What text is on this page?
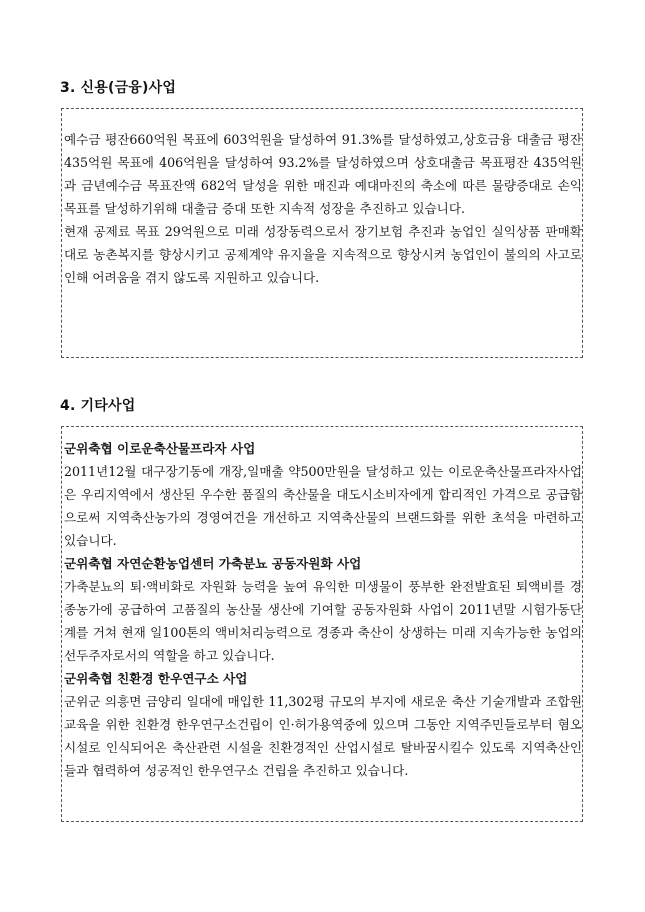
3. 신용(금융)사업

예수금 평잔660억원 목표에 603억원을 달성하여 91.3%를 달성하였고,상호금융 대출금 평잔435억원 목표에 406억원을 달성하여 93.2%를 달성하였으며 상호대출금 목표평잔 435억원과 금년예수금 목표잔액 682억 달성을 위한 매진과 예대마진의 축소에 따른 물량증대로 손익목표를 달성하기위해 대출금 증대 또한 지속적 성장을 추진하고 있습니다.

현재 공제료 목표 29억원으로 미래 성장동력으로서 장기보험 추진과 농업인 실익상품 판매확대로 농촌복지를 향상시키고 공제계약 유지율을 지속적으로 향상시켜 농업인이 불의의 사고로 인해 어려움을 겪지 않도록 지원하고 있습니다.

4. 기타사업

군위축협 이로운축산물프라자 사업

2011년12월 대구장기동에 개장,일매출 약500만원을 달성하고 있는 이로운축산물프라자사업은 우리지역에서 생산된 우수한 품질의 축산물을 대도시소비자에게 합리적인 가격으로 공급함으로써 지역축산농가의 경영여건을 개선하고 지역축산물의 브랜드화를 위한 초석을 마련하고 있습니다.

군위축협 자연순환농업센터 가축분뇨 공동자원화 사업

가축분뇨의 퇴·액비화로 자원화 능력을 높여 유익한 미생물이 풍부한 완전발효된 퇴액비를 경종농가에 공급하여 고품질의 농산물 생산에 기여할 공동자원화 사업이 2011년말 시험가동단계를 거쳐 현재 일100톤의 액비처리능력으로 경종과 축산이 상생하는 미래 지속가능한 농업의 선두주자로서의 역할을 하고 있습니다.

군위축협 친환경 한우연구소 사업

군위군 의흥면 금양리 일대에 매입한 11,302평 규모의 부지에 새로운 축산 기술개발과 조합원 교육을 위한 친환경 한우연구소건립이 인·허가용역중에 있으며 그동안 지역주민들로부터 혐오 시설로 인식되어온 축산관련 시설을 친환경적인 산업시설로 탈바꿈시킬수 있도록 지역축산인들과 협력하여 성공적인 한우연구소 건립을 추진하고 있습니다.
